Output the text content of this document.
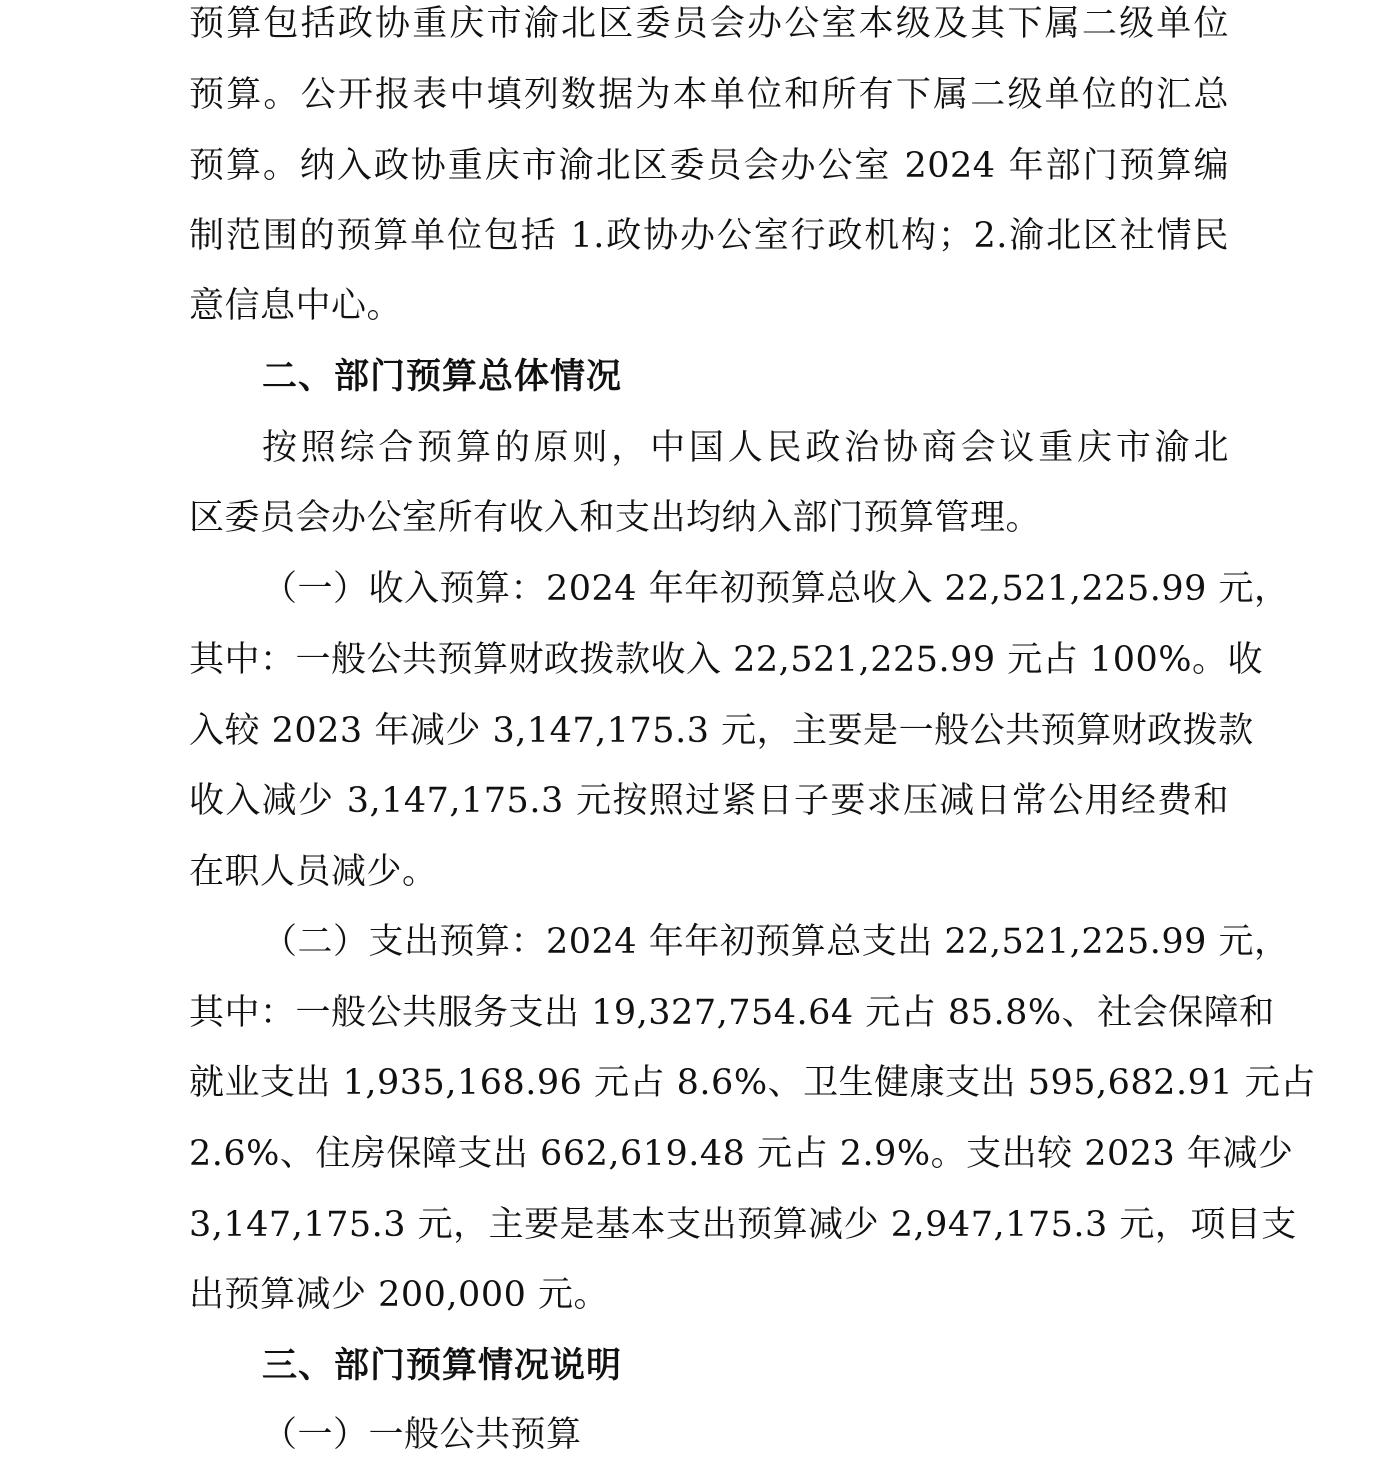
预算包括政协重庆市渝北区委员会办公室本级及其下属二级单位
预算。公开报表中填列数据为本单位和所有下属二级单位的汇总
预算。纳入政协重庆市渝北区委员会办公室 2024 年部门预算编
制范围的预算单位包括 1.政协办公室行政机构；2.渝北区社情民
意信息中心。
二、部门预算总体情况
按照综合预算的原则，中国人民政治协商会议重庆市渝北
区委员会办公室所有收入和支出均纳入部门预算管理。
（一）收入预算：2024 年年初预算总收入 22,521,225.99 元，
其中：一般公共预算财政拨款收入 22,521,225.99 元占 100%。收
入较 2023 年减少 3,147,175.3 元，主要是一般公共预算财政拨款
收入减少 3,147,175.3 元按照过紧日子要求压减日常公用经费和
在职人员减少。
（二）支出预算：2024 年年初预算总支出 22,521,225.99 元，
其中：一般公共服务支出 19,327,754.64 元占 85.8%、社会保障和
就业支出 1,935,168.96 元占 8.6%、卫生健康支出 595,682.91 元占
2.6%、住房保障支出 662,619.48 元占 2.9%。支出较 2023 年减少
3,147,175.3 元，主要是基本支出预算减少 2,947,175.3 元，项目支
出预算减少 200,000 元。
三、部门预算情况说明
（一）一般公共预算
